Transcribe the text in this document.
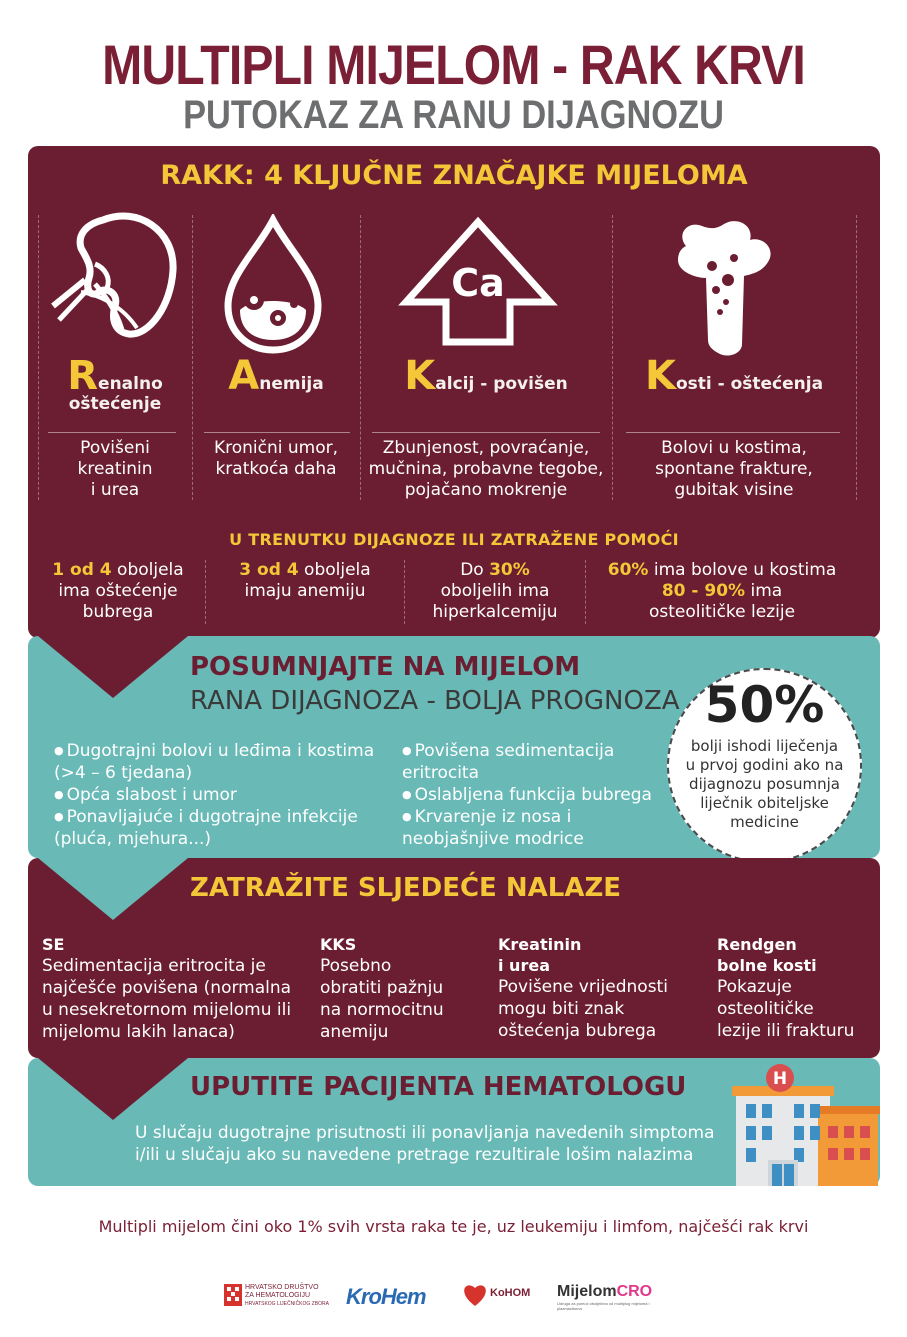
MULTIPLI MIJELOM - RAK KRVI
PUTOKAZ ZA RANU DIJAGNOZU
RAKK: 4 KLJUČNE ZNAČAJKE MIJELOMA
Ca
Renalno
oštećenje
Anemija	Kalcij - povišen	Kosti - oštećenja
Povišeni
kreatinin
i urea
Kronični umor,
kratkoća daha
Zbunjenost, povraćanje,
mučnina, probavne tegobe,
pojačano mokrenje
Bolovi u kostima,
spontane frakture,
gubitak visine
U TRENUTKU DIJAGNOZE ILI ZATRAŽENE POMOĆI
1 od 4 oboljela
ima oštećenje
bubrega
3 od 4 oboljela
imaju anemiju
Do 30%
oboljelih ima
hiperkalcemiju
60% ima bolove u kostima
80 - 90% ima
osteolitičke lezije
POSUMNJAJTE NA MIJELOM
RANA DIJAGNOZA - BOLJA PROGNOZA
● Dugotrajni bolovi u leđima i kostima
(>4 – 6 tjedana)
● Opća slabost i umor
● Ponavljajuće i dugotrajne infekcije
(pluća, mjehura...)
● Povišena sedimentacija
eritrocita
● Oslabljena funkcija bubrega
● Krvarenje iz nosa i
neobjašnjive modrice
50%
bolji ishodi liječenja
u prvoj godini ako na
dijagnozu posumnja
liječnik obiteljske
medicine
ZATRAŽITE SLJEDEĆE NALAZE
SE
Sedimentacija eritrocita je
najčešće povišena (normalna
u nesekretornom mijelomu ili
mijelomu lakih lanaca)
KKS
Posebno
obratiti pažnju
na normocitnu
anemiju
Kreatinin
i urea
Povišene vrijednosti
mogu biti znak
oštećenja bubrega
Rendgen
bolne kosti
Pokazuje
osteolitičke
lezije ili frakturu
UPUTITE PACIJENTA HEMATOLOGU
U slučaju dugotrajne prisutnosti ili ponavljanja navedenih simptoma
i/ili u slučaju ako su navedene pretrage rezultirale lošim nalazima
H
Multipli mijelom čini oko 1% svih vrsta raka te je, uz leukemiju i limfom, najčešći rak krvi
HRVATSKO DRUŠTVO
ZA HEMATOLOGIJU
HRVATSKOG LIJEČNIČKOG ZBORA KroHem	KoHOM MijelomCRO
Udruga za pomoć oboljelima od multiplog mijeloma i plazmacitoma
